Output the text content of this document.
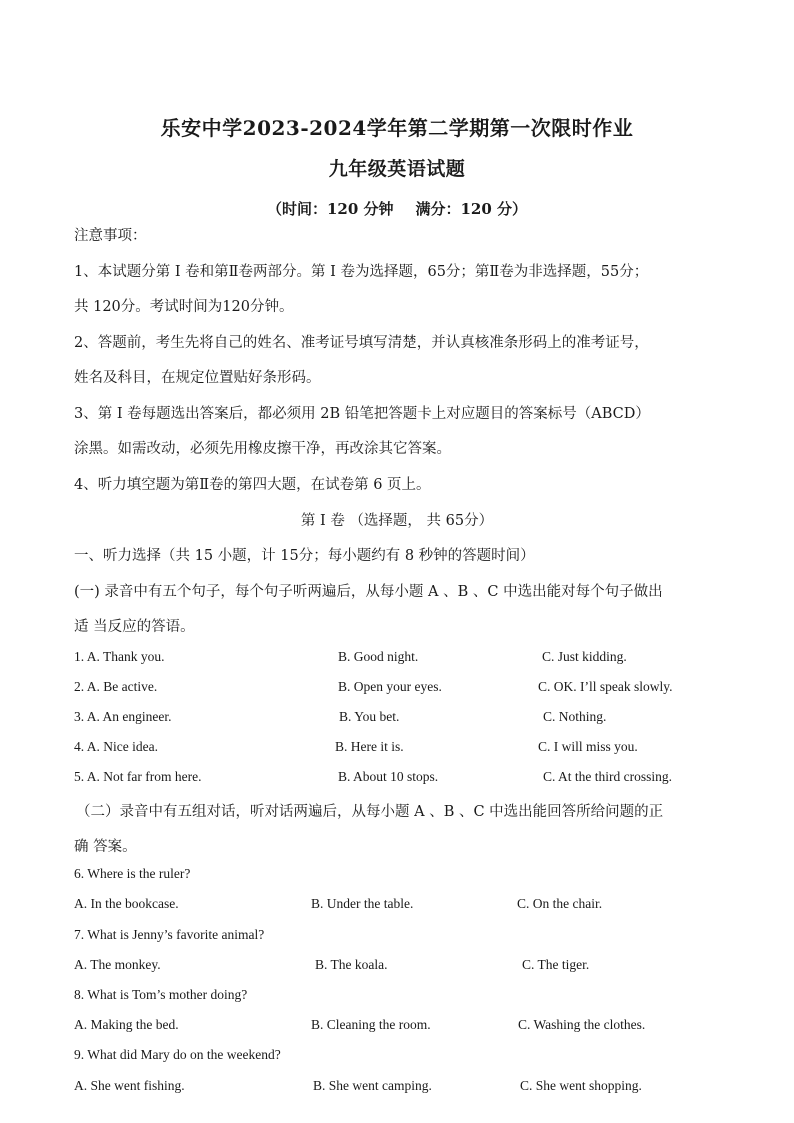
乐安中学2023-2024学年第二学期第一次限时作业
九年级英语试题
（时间：120 分钟 满分：120 分）
注意事项：
1、本试题分第 I 卷和第Ⅱ卷两部分。第 I 卷为选择题，65分；第Ⅱ卷为非选择题，55分；
共 120分。考试时间为120分钟。
2、答题前，考生先将自己的姓名、准考证号填写清楚，并认真核准条形码上的准考证号，
姓名及科目，在规定位置贴好条形码。
3、第 I 卷每题选出答案后，都必须用 2B 铅笔把答题卡上对应题目的答案标号（ABCD）
涂黑。如需改动，必须先用橡皮擦干净，再改涂其它答案。
4、听力填空题为第Ⅱ卷的第四大题，在试卷第 6 页上。
第 I 卷 （选择题， 共 65分）
一、听力选择（共 15 小题，计 15分；每小题约有 8 秒钟的答题时间）
(一) 录音中有五个句子，每个句子听两遍后，从每小题 A 、B 、C 中选出能对每个句子做出
适 当反应的答语。
1. A. Thank you.	B. Good night.	C. Just kidding.
2. A. Be active.	B. Open your eyes.	C. OK. I’ll speak slowly.
3. A. An engineer.	B. You bet.	C. Nothing.
4. A. Nice idea.	B. Here it is.	C. I will miss you.
5. A. Not far from here.	B. About 10 stops.	C. At the third crossing.
（二）录音中有五组对话，听对话两遍后，从每小题 A 、B 、C 中选出能回答所给问题的正
确 答案。
6. Where is the ruler?
A. In the bookcase.	B. Under the table.	C. On the chair.
7. What is Jenny’s favorite animal?
A. The monkey.	B. The koala.	C. The tiger.
8. What is Tom’s mother doing?
A. Making the bed.	B. Cleaning the room.	C. Washing the clothes.
9. What did Mary do on the weekend?
A. She went fishing.	B. She went camping.	C. She went shopping.
